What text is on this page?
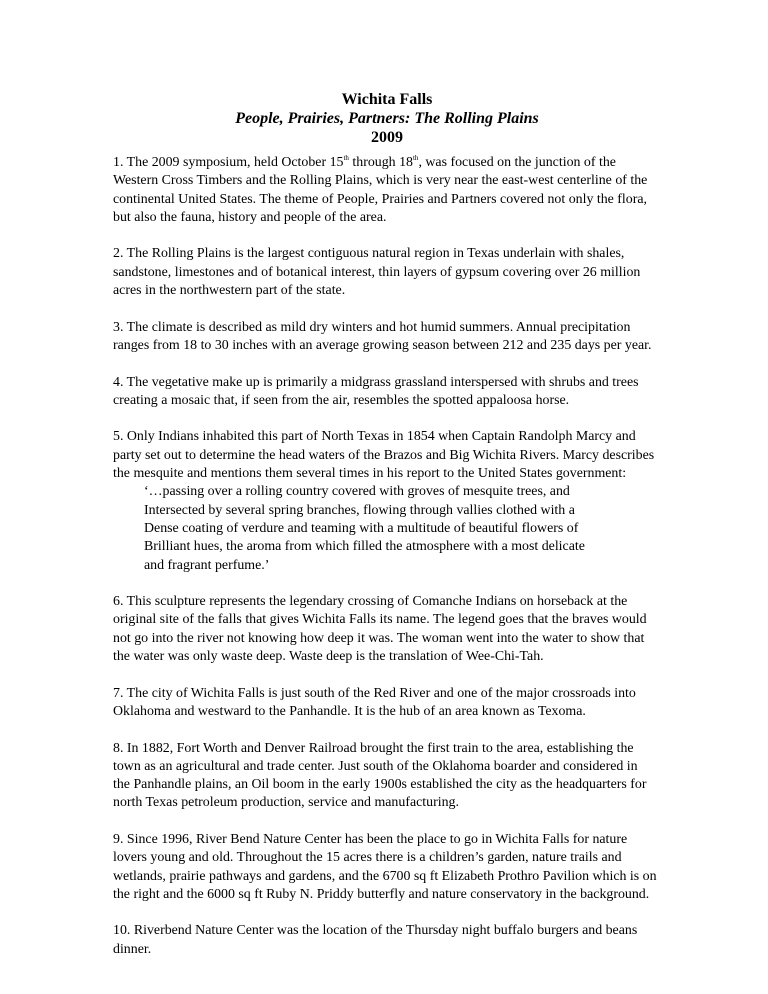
Wichita Falls
People, Prairies, Partners: The Rolling Plains
2009
1. The 2009 symposium, held October 15th through 18th, was focused on the junction of the
Western Cross Timbers and the Rolling Plains, which is very near the east-west centerline of the
continental United States. The theme of People, Prairies and Partners covered not only the flora,
but also the fauna, history and people of the area.
2. The Rolling Plains is the largest contiguous natural region in Texas underlain with shales,
sandstone, limestones and of botanical interest, thin layers of gypsum covering over 26 million
acres in the northwestern part of the state.
3. The climate is described as mild dry winters and hot humid summers. Annual precipitation
ranges from 18 to 30 inches with an average growing season between 212 and 235 days per year.
4. The vegetative make up is primarily a midgrass grassland interspersed with shrubs and trees
creating a mosaic that, if seen from the air, resembles the spotted appaloosa horse.
5. Only Indians inhabited this part of North Texas in 1854 when Captain Randolph Marcy and
party set out to determine the head waters of the Brazos and Big Wichita Rivers. Marcy describes
the mesquite and mentions them several times in his report to the United States government:
‘…passing over a rolling country covered with groves of mesquite trees, and
Intersected by several spring branches, flowing through vallies clothed with a
Dense coating of verdure and teaming with a multitude of beautiful flowers of
Brilliant hues, the aroma from which filled the atmosphere with a most delicate
and fragrant perfume.’
6. This sculpture represents the legendary crossing of Comanche Indians on horseback at the
original site of the falls that gives Wichita Falls its name. The legend goes that the braves would
not go into the river not knowing how deep it was. The woman went into the water to show that
the water was only waste deep. Waste deep is the translation of Wee-Chi-Tah.
7. The city of Wichita Falls is just south of the Red River and one of the major crossroads into
Oklahoma and westward to the Panhandle. It is the hub of an area known as Texoma.
8. In 1882, Fort Worth and Denver Railroad brought the first train to the area, establishing the
town as an agricultural and trade center. Just south of the Oklahoma boarder and considered in
the Panhandle plains, an Oil boom in the early 1900s established the city as the headquarters for
north Texas petroleum production, service and manufacturing.
9. Since 1996, River Bend Nature Center has been the place to go in Wichita Falls for nature
lovers young and old. Throughout the 15 acres there is a children’s garden, nature trails and
wetlands, prairie pathways and gardens, and the 6700 sq ft Elizabeth Prothro Pavilion which is on
the right and the 6000 sq ft Ruby N. Priddy butterfly and nature conservatory in the background.
10. Riverbend Nature Center was the location of the Thursday night buffalo burgers and beans
dinner.
